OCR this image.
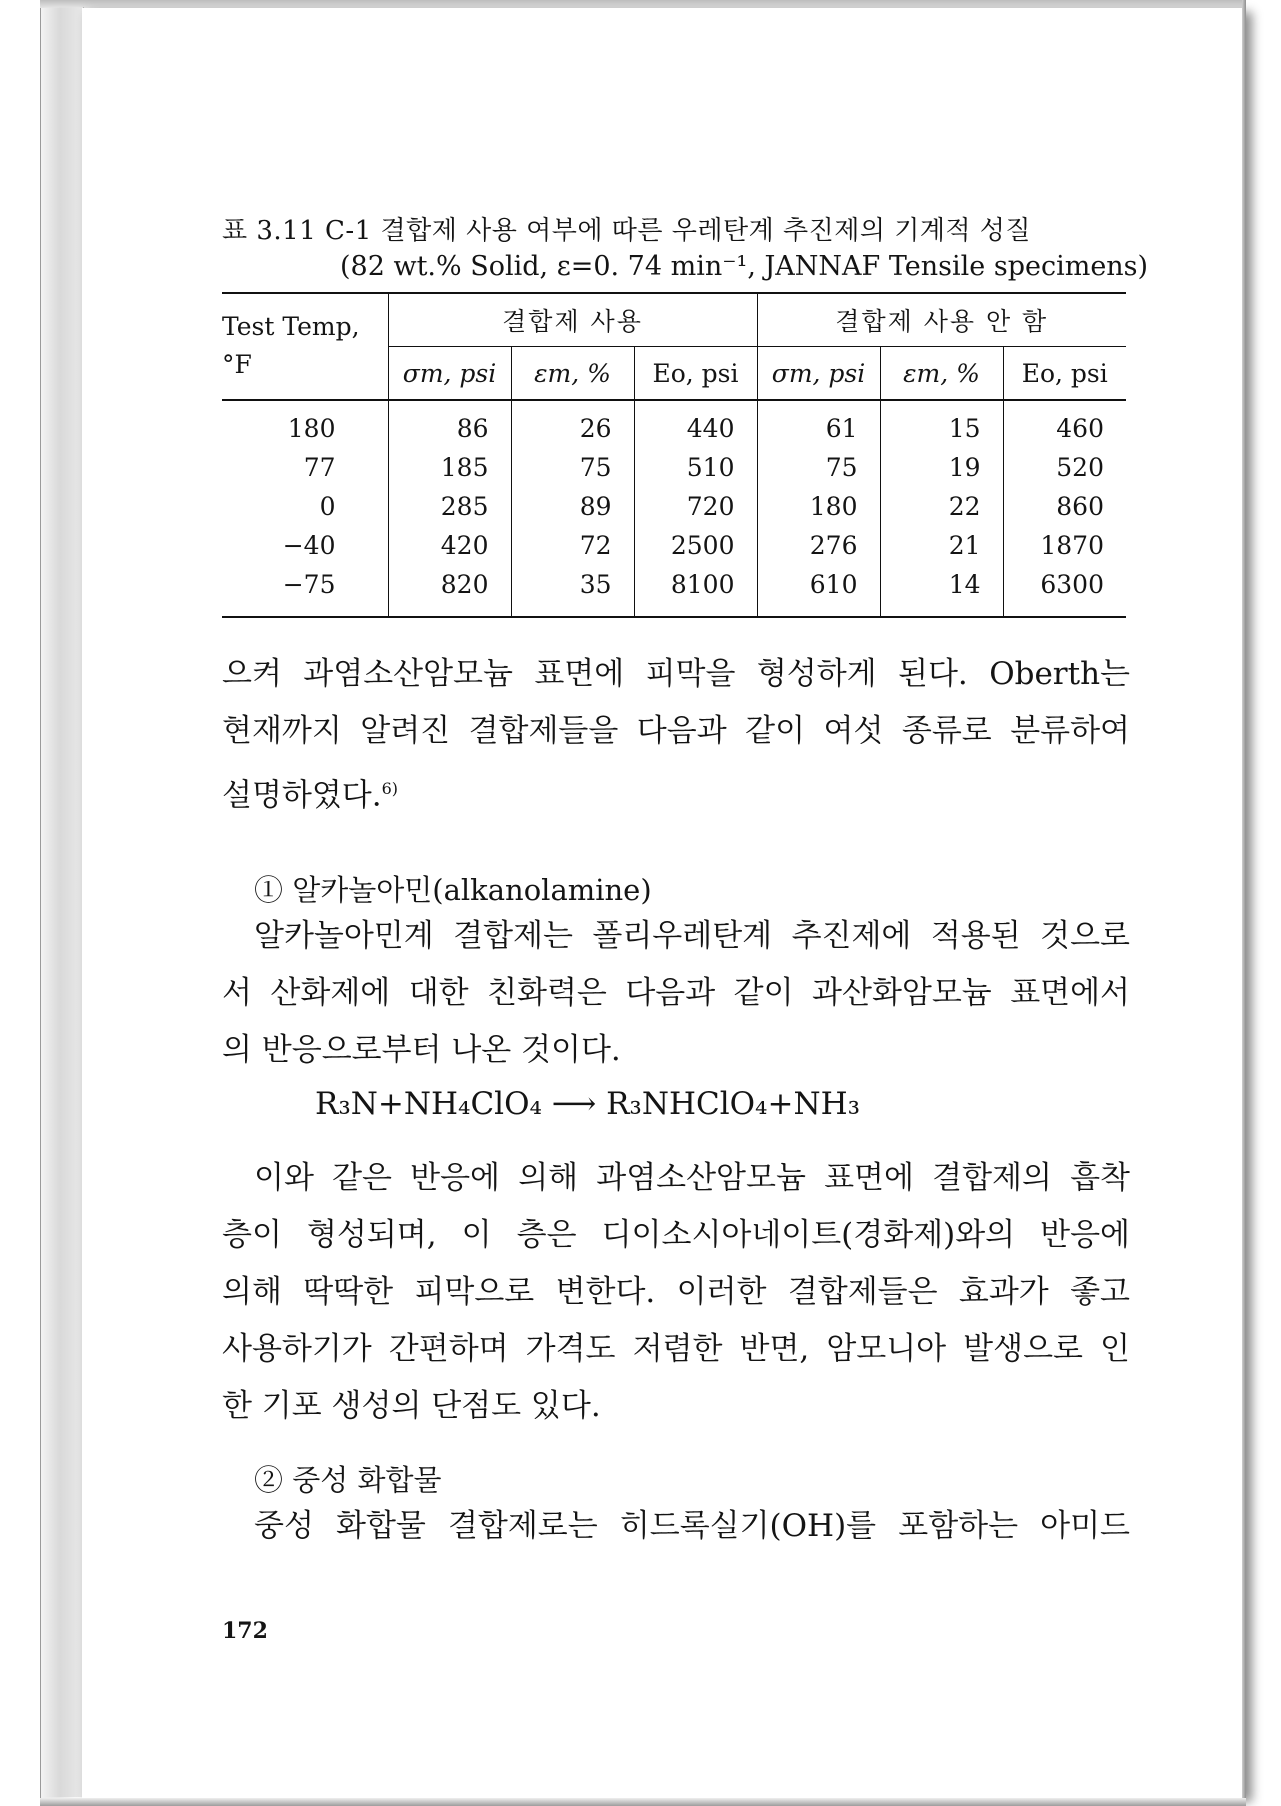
표 3.11 C-1 결합제 사용 여부에 따른 우레탄계 추진제의 기계적 성질
(82 wt.% Solid, ε=0. 74 min⁻¹, JANNAF Tensile specimens)
Test Temp,
°F	결합제 사용			결합제 사용 안 함		
	σm, psi	εm, %	Eo, psi	σm, psi	εm, %	Eo, psi
180	86	26	440	61	15	460
77	185	75	510	75	19	520
0	285	89	720	180	22	860
−40	420	72	2500	276	21	1870
−75	820	35	8100	610	14	6300
으켜 과염소산암모늄 표면에 피막을 형성하게 된다. Oberth는
현재까지 알려진 결합제들을 다음과 같이 여섯 종류로 분류하여
설명하였다.$^{6)}$
① 알카놀아민(alkanolamine)
알카놀아민계 결합제는 폴리우레탄계 추진제에 적용된 것으로
서 산화제에 대한 친화력은 다음과 같이 과산화암모늄 표면에서
의 반응으로부터 나온 것이다.
R₃N+NH₄ClO₄ ⟶ R₃NHClO₄+NH₃
이와 같은 반응에 의해 과염소산암모늄 표면에 결합제의 흡착
층이 형성되며, 이 층은 디이소시아네이트(경화제)와의 반응에
의해 딱딱한 피막으로 변한다. 이러한 결합제들은 효과가 좋고
사용하기가 간편하며 가격도 저렴한 반면, 암모니아 발생으로 인
한 기포 생성의 단점도 있다.
② 중성 화합물
중성 화합물 결합제로는 히드록실기(OH)를 포함하는 아미드
172
